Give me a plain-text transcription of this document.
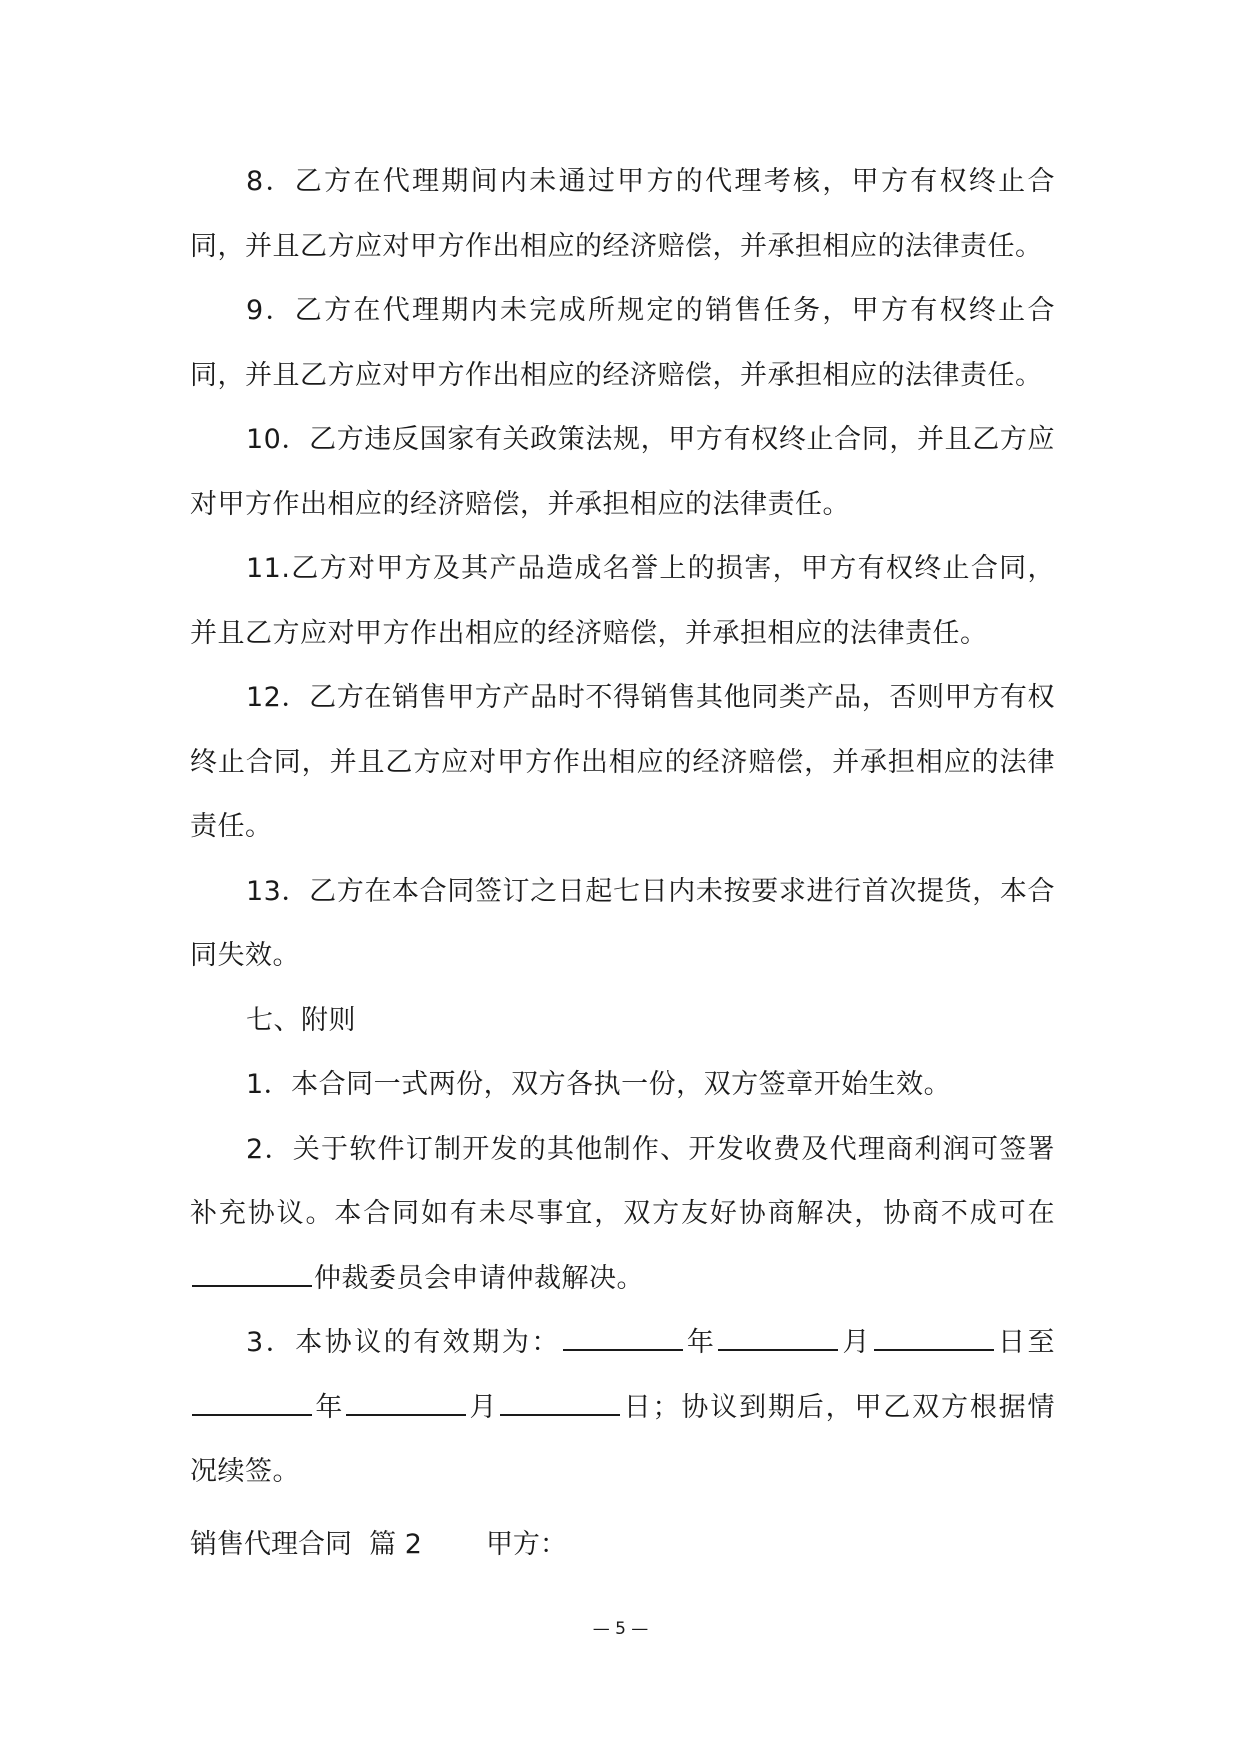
8．乙方在代理期间内未通过甲方的代理考核，甲方有权终止合同，并且乙方应对甲方作出相应的经济赔偿，并承担相应的法律责任。

9．乙方在代理期内未完成所规定的销售任务，甲方有权终止合同，并且乙方应对甲方作出相应的经济赔偿，并承担相应的法律责任。

10．乙方违反国家有关政策法规，甲方有权终止合同，并且乙方应对甲方作出相应的经济赔偿，并承担相应的法律责任。

11.乙方对甲方及其产品造成名誉上的损害，甲方有权终止合同，并且乙方应对甲方作出相应的经济赔偿，并承担相应的法律责任。

12．乙方在销售甲方产品时不得销售其他同类产品，否则甲方有权终止合同，并且乙方应对甲方作出相应的经济赔偿，并承担相应的法律责任。

13．乙方在本合同签订之日起七日内未按要求进行首次提货，本合同失效。

七、附则

1．本合同一式两份，双方各执一份，双方签章开始生效。

2．关于软件订制开发的其他制作、开发收费及代理商利润可签署补充协议。本合同如有未尽事宜，双方友好协商解决，协商不成可在仲裁委员会申请仲裁解决。

3．本协议的有效期为：	年	月	日至年	月	日；协议到期后，甲乙双方根据情况续签。

销售代理合同  篇 2 甲方：
— 5 —
